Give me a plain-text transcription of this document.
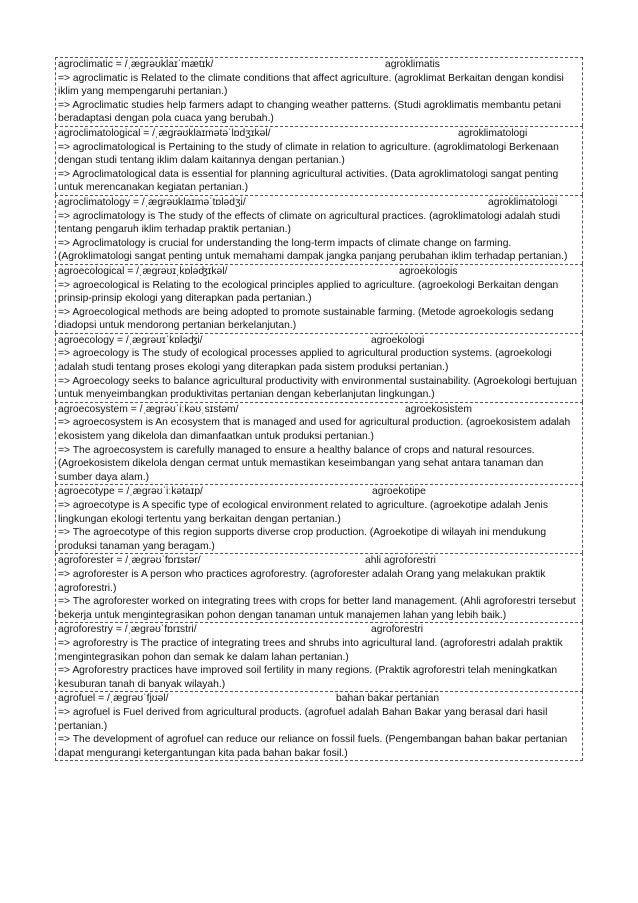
agroclimatic = /ˌæɡrəʊklaɪˈmætɪk/	agroklimatis
=> agroclimatic is Related to the climate conditions that affect agriculture. (agroklimat Berkaitan dengan kondisi iklim yang mempengaruhi pertanian.)
=> Agroclimatic studies help farmers adapt to changing weather patterns. (Studi agroklimatis membantu petani beradaptasi dengan pola cuaca yang berubah.)
agroclimatological = /ˌæɡrəʊklaɪmətəˈlɒdʒɪkəl/	agroklimatologi
=> agroclimatological is Pertaining to the study of climate in relation to agriculture. (agroklimatologi Berkenaan dengan studi tentang iklim dalam kaitannya dengan pertanian.)
=> Agroclimatological data is essential for planning agricultural activities. (Data agroklimatologi sangat penting untuk merencanakan kegiatan pertanian.)
agroclimatology = /ˌæɡrəʊklaɪməˈtɒlədʒi/	agroklimatologi
=> agroclimatology is The study of the effects of climate on agricultural practices. (agroklimatologi adalah studi tentang pengaruh iklim terhadap praktik pertanian.)
=> Agroclimatology is crucial for understanding the long-term impacts of climate change on farming. (Agroklimatologi sangat penting untuk memahami dampak jangka panjang perubahan iklim terhadap pertanian.)
agroecological = /ˌæɡrəʊɪˌkɒləʤɪkəl/	agroekologis
=> agroecological is Relating to the ecological principles applied to agriculture. (agroekologi Berkaitan dengan prinsip-prinsip ekologi yang diterapkan pada pertanian.)
=> Agroecological methods are being adopted to promote sustainable farming. (Metode agroekologis sedang diadopsi untuk mendorong pertanian berkelanjutan.)
agroecology = /ˌæɡrəʊɪˈkɒləʤi/	agroekologi
=> agroecology is The study of ecological processes applied to agricultural production systems. (agroekologi adalah studi tentang proses ekologi yang diterapkan pada sistem produksi pertanian.)
=> Agroecology seeks to balance agricultural productivity with environmental sustainability. (Agroekologi bertujuan untuk menyeimbangkan produktivitas pertanian dengan keberlanjutan lingkungan.)
agroecosystem = /ˌæɡrəʊˈiːkəʊˌsɪstəm/	agroekosistem
=> agroecosystem is An ecosystem that is managed and used for agricultural production. (agroekosistem adalah ekosistem yang dikelola dan dimanfaatkan untuk produksi pertanian.)
=> The agroecosystem is carefully managed to ensure a healthy balance of crops and natural resources. (Agroekosistem dikelola dengan cermat untuk memastikan keseimbangan yang sehat antara tanaman dan sumber daya alam.)
agroecotype = /ˌæɡrəʊˈiːkətaɪp/	agroekotipe
=> agroecotype is A specific type of ecological environment related to agriculture. (agroekotipe adalah Jenis lingkungan ekologi tertentu yang berkaitan dengan pertanian.)
=> The agroecotype of this region supports diverse crop production. (Agroekotipe di wilayah ini mendukung produksi tanaman yang beragam.)
agroforester = /ˌæɡrəʊˈfɒrɪstər/	ahli agroforestri
=> agroforester is A person who practices agroforestry. (agroforester adalah Orang yang melakukan praktik agroforestri.)
=> The agroforester worked on integrating trees with crops for better land management. (Ahli agroforestri tersebut bekerja untuk mengintegrasikan pohon dengan tanaman untuk manajemen lahan yang lebih baik.)
agroforestry = /ˌæɡrəʊˈfɒrɪstri/	agroforestri
=> agroforestry is The practice of integrating trees and shrubs into agricultural land. (agroforestri adalah praktik mengintegrasikan pohon dan semak ke dalam lahan pertanian.)
=> Agroforestry practices have improved soil fertility in many regions. (Praktik agroforestri telah meningkatkan kesuburan tanah di banyak wilayah.)
agrofuel = /ˌæɡrəʊˈfjʊəl/	bahan bakar pertanian
=> agrofuel is Fuel derived from agricultural products. (agrofuel adalah Bahan Bakar yang berasal dari hasil pertanian.)
=> The development of agrofuel can reduce our reliance on fossil fuels. (Pengembangan bahan bakar pertanian dapat mengurangi ketergantungan kita pada bahan bakar fosil.)
